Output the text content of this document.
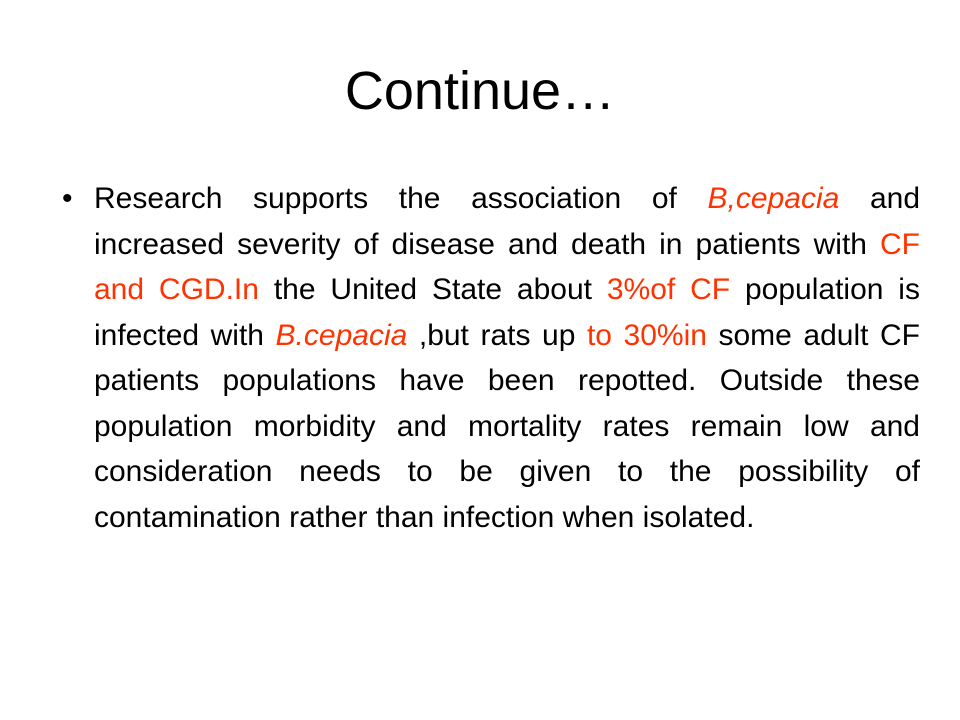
Continue…
• Research supports the association of B,cepacia and increased severity of disease and death in patients with CF and CGD.In the United State about 3%of CF population is infected with B.cepacia ,but rats up to 30%in some adult CF patients populations have been repotted. Outside these population morbidity and mortality rates remain low and consideration needs to be given to the possibility of contamination rather than infection when isolated.
